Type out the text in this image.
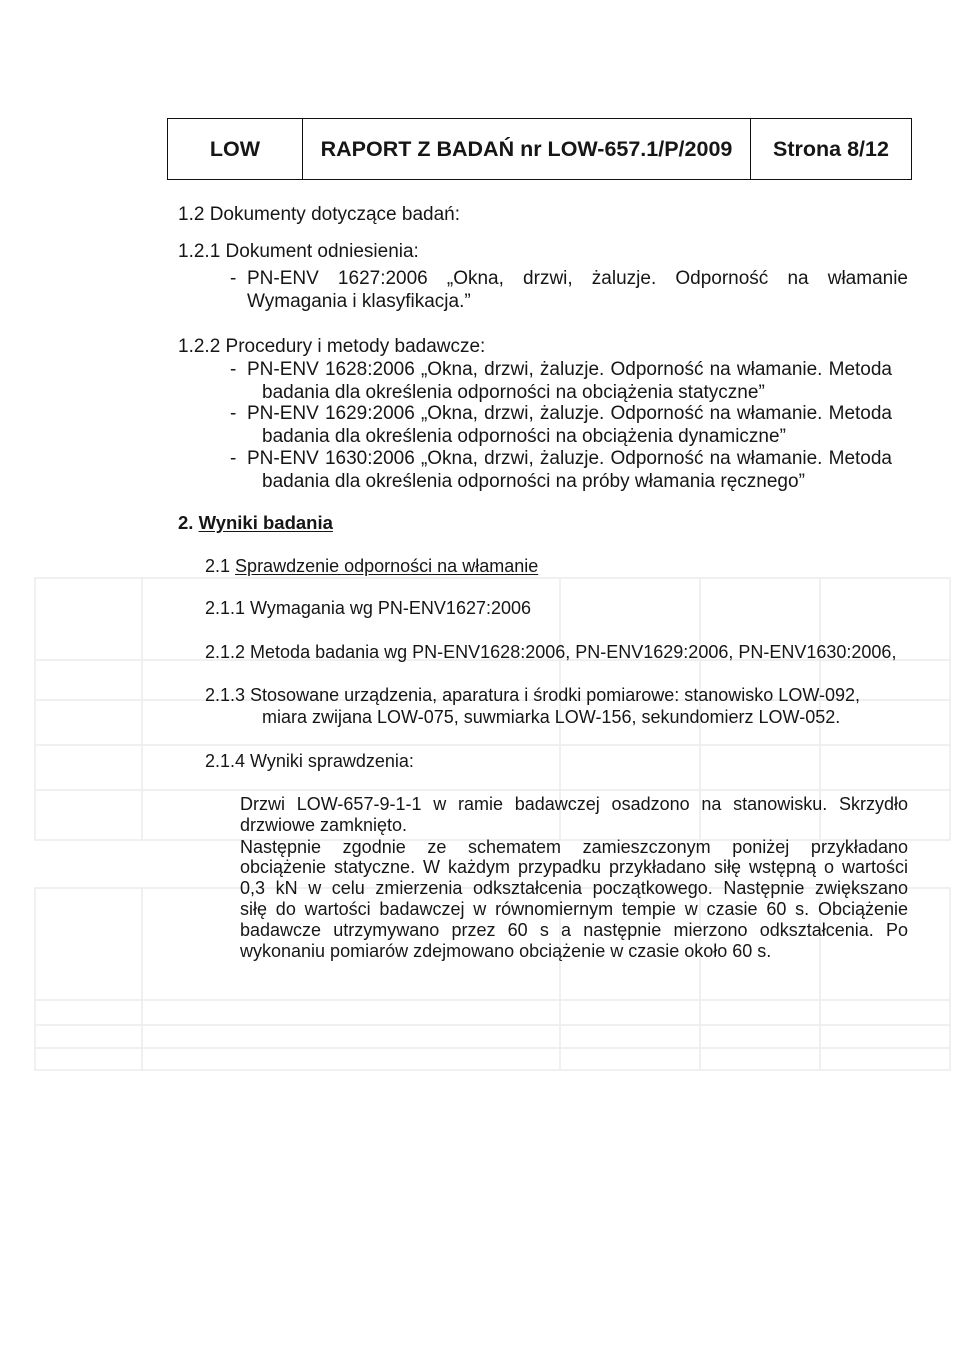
LOW	RAPORT Z BADAŃ nr LOW-657.1/P/2009	Strona 8/12
1.2 Dokumenty dotyczące badań:
1.2.1 Dokument odniesienia:
- PN-ENV 1627:2006 „Okna, drzwi, żaluzje. Odporność na włamanie
Wymagania i klasyfikacja.”
1.2.2 Procedury i metody badawcze:
- PN-ENV 1628:2006 „Okna, drzwi, żaluzje. Odporność na włamanie. Metoda
badania dla określenia odporności na obciążenia statyczne”
- PN-ENV 1629:2006 „Okna, drzwi, żaluzje. Odporność na włamanie. Metoda
badania dla określenia odporności na obciążenia dynamiczne”
- PN-ENV 1630:2006 „Okna, drzwi, żaluzje. Odporność na włamanie. Metoda
badania dla określenia odporności na próby włamania ręcznego”
2. Wyniki badania
2.1 Sprawdzenie odporności na włamanie
2.1.1 Wymagania wg PN-ENV1627:2006
2.1.2 Metoda badania wg PN-ENV1628:2006, PN-ENV1629:2006, PN-ENV1630:2006,
2.1.3 Stosowane urządzenia, aparatura i środki pomiarowe: stanowisko LOW-092,
miara zwijana LOW-075, suwmiarka LOW-156, sekundomierz LOW-052.
2.1.4 Wyniki sprawdzenia:
Drzwi LOW-657-9-1-1 w ramie badawczej osadzono na stanowisku. Skrzydło
drzwiowe zamknięto.
Następnie zgodnie ze schematem zamieszczonym poniżej przykładano
obciążenie statyczne. W każdym przypadku przykładano siłę wstępną o wartości
0,3 kN w celu zmierzenia odkształcenia początkowego. Następnie zwiększano
siłę do wartości badawczej w równomiernym tempie w czasie 60 s. Obciążenie
badawcze utrzymywano przez 60 s a następnie mierzono odkształcenia. Po
wykonaniu pomiarów zdejmowano obciążenie w czasie około 60 s.
